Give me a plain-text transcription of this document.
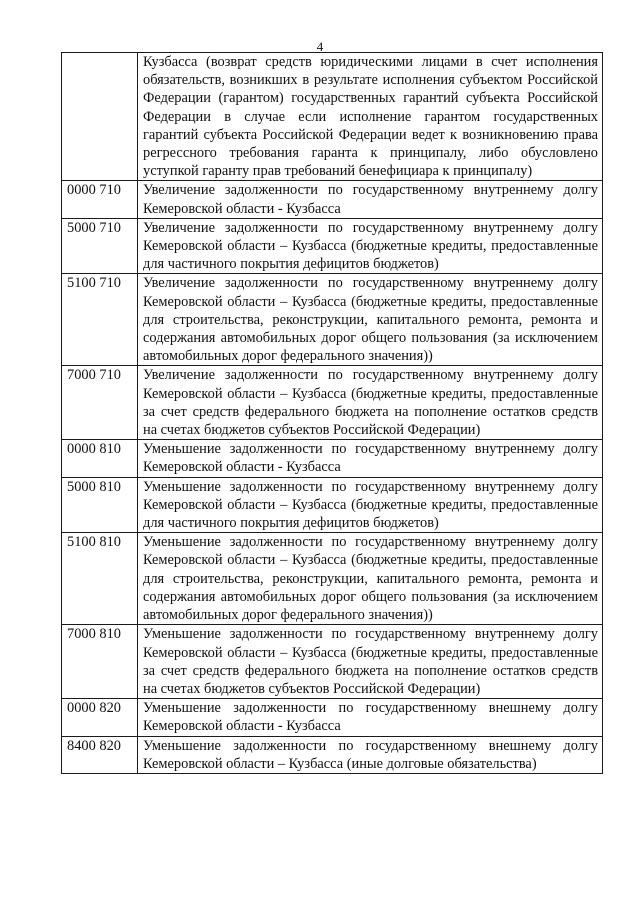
4
	Кузбасса (возврат средств юридическими лицами в счет исполнения обязательств, возникших в результате исполнения субъектом Российской Федерации (гарантом) государственных гарантий субъекта Российской Федерации в случае если исполнение гарантом государственных гарантий субъекта Российской Федерации ведет к возникновению права регрессного требования гаранта к принципалу, либо обусловлено уступкой гаранту прав требований бенефициара к принципалу)
0000 710	Увеличение задолженности по государственному внутреннему долгу Кемеровской области - Кузбасса
5000 710	Увеличение задолженности по государственному внутреннему долгу Кемеровской области – Кузбасса (бюджетные кредиты, предоставленные для частичного покрытия дефицитов бюджетов)
5100 710	Увеличение задолженности по государственному внутреннему долгу Кемеровской области – Кузбасса (бюджетные кредиты, предоставленные для строительства, реконструкции, капитального ремонта, ремонта и содержания автомобильных дорог общего пользования (за исключением автомобильных дорог федерального значения))
7000 710	Увеличение задолженности по государственному внутреннему долгу Кемеровской области – Кузбасса (бюджетные кредиты, предоставленные за счет средств федерального бюджета на пополнение остатков средств на счетах бюджетов субъектов Российской Федерации)
0000 810	Уменьшение задолженности по государственному внутреннему долгу Кемеровской области - Кузбасса
5000 810	Уменьшение задолженности по государственному внутреннему долгу Кемеровской области – Кузбасса (бюджетные кредиты, предоставленные для частичного покрытия дефицитов бюджетов)
5100 810	Уменьшение задолженности по государственному внутреннему долгу Кемеровской области – Кузбасса (бюджетные кредиты, предоставленные для строительства, реконструкции, капитального ремонта, ремонта и содержания автомобильных дорог общего пользования (за исключением автомобильных дорог федерального значения))
7000 810	Уменьшение задолженности по государственному внутреннему долгу Кемеровской области – Кузбасса (бюджетные кредиты, предоставленные за счет средств федерального бюджета на пополнение остатков средств на счетах бюджетов субъектов Российской Федерации)
0000 820	Уменьшение задолженности по государственному внешнему долгу Кемеровской области - Кузбасса
8400 820	Уменьшение задолженности по государственному внешнему долгу Кемеровской области – Кузбасса (иные долговые обязательства)
